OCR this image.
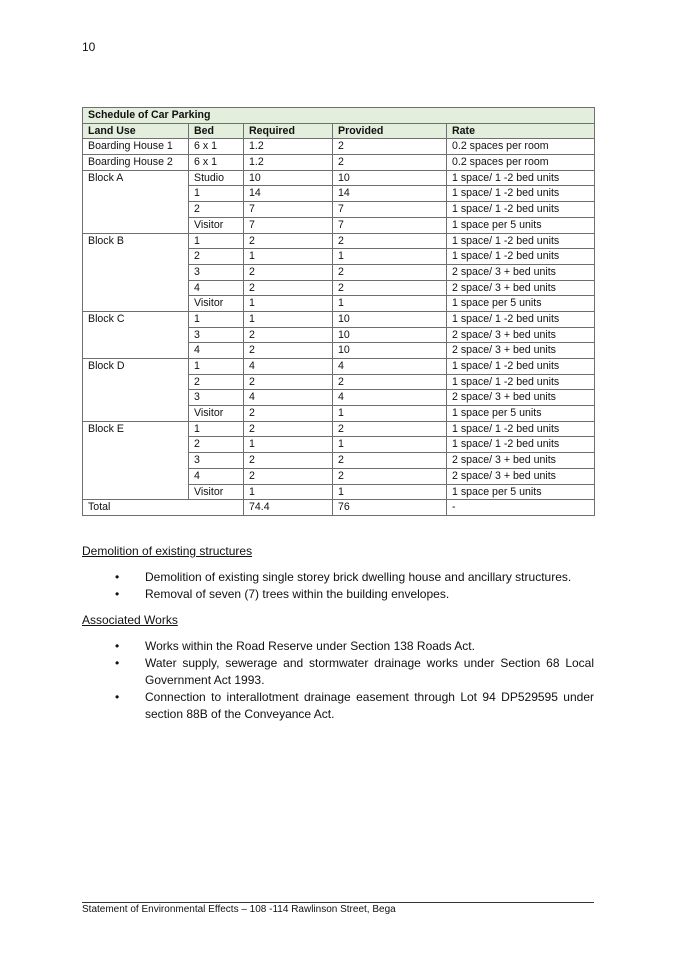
10
Schedule of Car Parking				
Land Use	Bed	Required	Provided	Rate
Boarding House 1	6 x 1	1.2	2	0.2 spaces per room
Boarding House 2	6 x 1	1.2	2	0.2 spaces per room
Block A	Studio	10	10	1 space/ 1 -2 bed units
	1	14	14	1 space/ 1 -2 bed units
	2	7	7	1 space/ 1 -2 bed units
	Visitor	7	7	1 space per 5 units
Block B	1	2	2	1 space/ 1 -2 bed units
	2	1	1	1 space/ 1 -2 bed units
	3	2	2	2 space/ 3 + bed units
	4	2	2	2 space/ 3 + bed units
	Visitor	1	1	1 space per 5 units
Block C	1	1	10	1 space/ 1 -2 bed units
	3	2	10	2 space/ 3 + bed units
	4	2	10	2 space/ 3 + bed units
Block D	1	4	4	1 space/ 1 -2 bed units
	2	2	2	1 space/ 1 -2 bed units
	3	4	4	2 space/ 3 + bed units
	Visitor	2	1	1 space per 5 units
Block E	1	2	2	1 space/ 1 -2 bed units
	2	1	1	1 space/ 1 -2 bed units
	3	2	2	2 space/ 3 + bed units
	4	2	2	2 space/ 3 + bed units
	Visitor	1	1	1 space per 5 units
Total		74.4	76	-
Demolition of existing structures
• Demolition of existing single storey brick dwelling house and ancillary structures.
• Removal of seven (7) trees within the building envelopes.
Associated Works
• Works within the Road Reserve under Section 138 Roads Act.
• Water supply, sewerage and stormwater drainage works under Section 68 Local Government Act 1993.
• Connection to interallotment drainage easement through Lot 94 DP529595 under section 88B of the Conveyance Act.
Statement of Environmental Effects – 108 -114 Rawlinson Street, Bega
